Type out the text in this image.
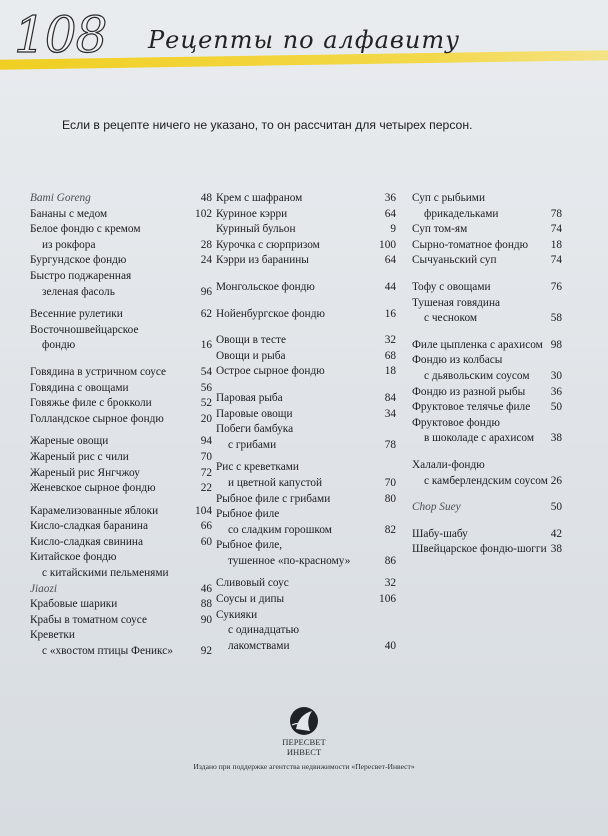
108 Рецепты по алфавиту
Если в рецепте ничего не указано, то он рассчитан для четырех персон.
Bami Goreng	48
Бананы с медом	102
Белое фондю с кремом
из рокфора	28
Бургундское фондю	24
Быстро поджаренная
зеленая фасоль	96
Весенние рулетики	62
Восточношвейцарское
фондю	16
Говядина в устричном соусе	54
Говядина с овощами	56
Говяжье филе с брокколи	52
Голландское сырное фондю	20
Жареные овощи	94
Жареный рис с чили	70
Жареный рис Янгчжоу	72
Женевское сырное фондю	22
Карамелизованные яблоки	104
Кисло-сладкая баранина	66
Кисло-сладкая свинина	60
Китайское фондю
с китайскими пельменями
Jiaozi	46
Крабовые шарики	88
Крабы в томатном соусе	90
Креветки
с «хвостом птицы Феникс» 92
Крем с шафраном	36
Куриное кэрри	64
Куриный бульон	9
Курочка с сюрпризом	100
Кэрри из баранины	64
Монгольское фондю	44
Нойенбургское фондю	16
Овощи в тесте	32
Овощи и рыба	68
Острое сырное фондю	18
Паровая рыба	84
Паровые овощи	34
Побеги бамбука
с грибами	78
Рис с креветками
и цветной капустой	70
Рыбное филе с грибами	80
Рыбное филе
со сладким горошком	82
Рыбное филе,
тушенное «по-красному»	86
Сливовый соус	32
Соусы и дипы	106
Сукияки
с одинадцатью
лакомствами	40
Суп с рыбьими
фрикадельками	78
Суп том-ям	74
Сырно-томатное фондю 18
Сычуаньский суп	74
Тофу с овощами	76
Тушеная говядина
с чесноком	58
Филе цыпленка с арахисом 98
Фондю из колбасы
с дьявольским соусом 30
Фондю из разной рыбы 36
Фруктовое телячье филе 50
Фруктовое фондю
в шоколаде с арахисом 38
Халали-фондю
с камберлендским соусом 26
Chop Suey	50
Шабу-шабу	42
Швейцарское фондю-шогги 38
ПЕРЕСВЕТ
ИНВЕСТ
Издано при поддержке агентства недвижимости «Пересвет-Инвест»
